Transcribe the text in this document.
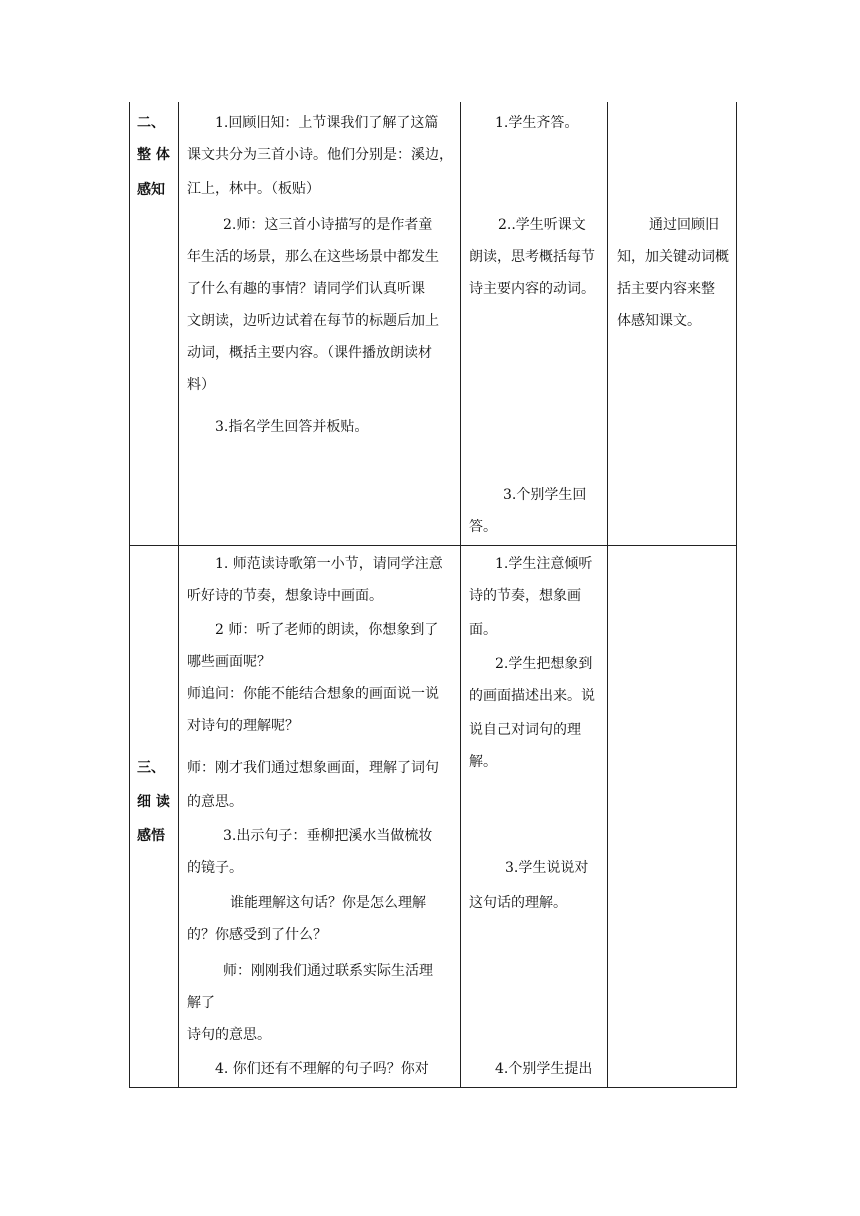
二、
整 体
感知
1.回顾旧知：上节课我们了解了这篇
课文共分为三首小诗。他们分别是：溪边，
江上，林中。（板贴）
2.师：这三首小诗描写的是作者童
年生活的场景，那么在这些场景中都发生
了什么有趣的事情？请同学们认真听课
文朗读，边听边试着在每节的标题后加上
动词，概括主要内容。（课件播放朗读材
料）
3.指名学生回答并板贴。
1.学生齐答。
2..学生听课文
朗读，思考概括每节
诗主要内容的动词。
3.个别学生回
答。
通过回顾旧
知，加关键动词概
括主要内容来整
体感知课文。
三、
细 读
感悟
1. 师范读诗歌第一小节，请同学注意
听好诗的节奏，想象诗中画面。
2 师：听了老师的朗读，你想象到了
哪些画面呢？
师追问：你能不能结合想象的画面说一说
对诗句的理解呢？
师：刚才我们通过想象画面，理解了词句
的意思。
3.出示句子：垂柳把溪水当做梳妆
的镜子。
谁能理解这句话？你是怎么理解
的？你感受到了什么？
师：刚刚我们通过联系实际生活理
解了
诗句的意思。
4. 你们还有不理解的句子吗？你对
1.学生注意倾听
诗的节奏，想象画
面。
2.学生把想象到
的画面描述出来。说
说自己对词句的理
解。
3.学生说说对
这句话的理解。
4.个别学生提出
